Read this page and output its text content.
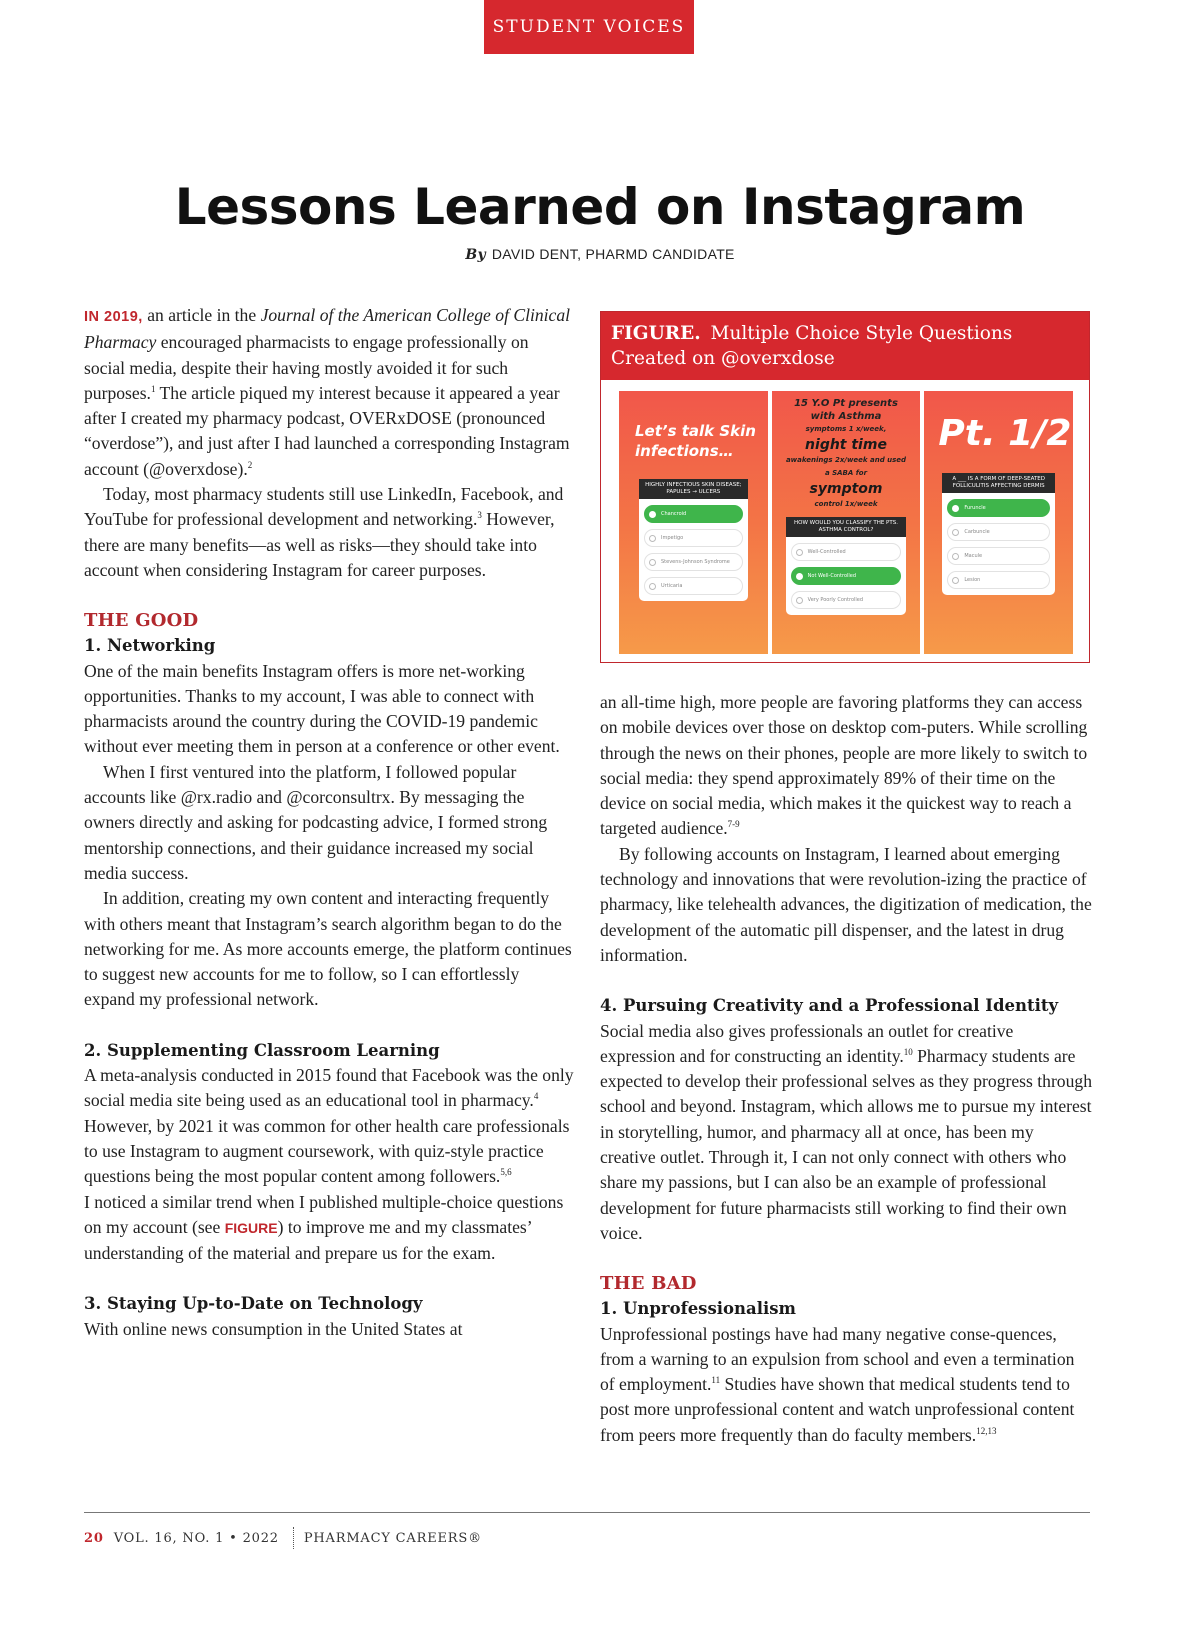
STUDENT VOICES
Lessons Learned on Instagram
By DAVID DENT, PHARMD CANDIDATE

IN 2019, an article in the Journal of the American College of Clinical Pharmacy encouraged pharmacists to engage professionally on social media, despite their having mostly avoided it for such purposes.$^1$ The article piqued my interest because it appeared a year after I created my pharmacy podcast, OVERxDOSE (pronounced “overdose”), and just after I had launched a corresponding Instagram account (@overxdose).$^2$

Today, most pharmacy students still use LinkedIn, Facebook, and YouTube for professional development and networking.$^3$ However, there are many benefits—as well as risks—they should take into account when considering Instagram for career purposes.

THE GOOD
1. Networking

One of the main benefits Instagram offers is more net-working opportunities. Thanks to my account, I was able to connect with pharmacists around the country during the COVID-19 pandemic without ever meeting them in person at a conference or other event.

When I first ventured into the platform, I followed popular accounts like @rx.radio and @corconsultrx. By messaging the owners directly and asking for podcasting advice, I formed strong mentorship connections, and their guidance increased my social media success.

In addition, creating my own content and interacting frequently with others meant that Instagram’s search algorithm began to do the networking for me. As more accounts emerge, the platform continues to suggest new accounts for me to follow, so I can effortlessly expand my professional network.

2. Supplementing Classroom Learning

A meta-analysis conducted in 2015 found that Facebook was the only social media site being used as an educational tool in pharmacy.$^4$ However, by 2021 it was common for other health care professionals to use Instagram to augment coursework, with quiz-style practice questions being the most popular content among followers.$^{5,6}$

I noticed a similar trend when I published multiple-choice questions on my account (see FIGURE) to improve me and my classmates’ understanding of the material and prepare us for the exam.

3. Staying Up-to-Date on Technology

With online news consumption in the United States at

FIGURE. Multiple Choice Style Questions Created on @overxdose
Let’s talk Skin infections…
HIGHLY INFECTIOUS SKIN DISEASE; PAPULES → ULCERS
Chancroid
Impetigo
Stevens-Johnson Syndrome
Urticaria
15 Y.O Pt presents
with Asthma
symptoms 1 x/week,
night time
awakenings 2x/week and used a SABA for
symptom
control 1x/week
HOW WOULD YOU CLASSIFY THE PTS. ASTHMA CONTROL?
Well-Controlled
Not Well-Controlled
Very Poorly Controlled
Pt. 1/2
A ___ IS A FORM OF DEEP-SEATED FOLLICULITIS AFFECTING DERMIS
Furuncle
Carbuncle
Macule
Lesion

an all-time high, more people are favoring platforms they can access on mobile devices over those on desktop com-puters. While scrolling through the news on their phones, people are more likely to switch to social media: they spend approximately 89% of their time on the device on social media, which makes it the quickest way to reach a targeted audience.$^{7-9}$

By following accounts on Instagram, I learned about emerging technology and innovations that were revolution-izing the practice of pharmacy, like telehealth advances, the digitization of medication, the development of the automatic pill dispenser, and the latest in drug information.

4. Pursuing Creativity and a Professional Identity

Social media also gives professionals an outlet for creative expression and for constructing an identity.$^{10}$ Pharmacy students are expected to develop their professional selves as they progress through school and beyond. Instagram, which allows me to pursue my interest in storytelling, humor, and pharmacy all at once, has been my creative outlet. Through it, I can not only connect with others who share my passions, but I can also be an example of professional development for future pharmacists still working to find their own voice.

THE BAD
1. Unprofessionalism

Unprofessional postings have had many negative conse-quences, from a warning to an expulsion from school and even a termination of employment.$^{11}$ Studies have shown that medical students tend to post more unprofessional content and watch unprofessional content from peers more frequently than do faculty members.$^{12,13}$

20 VOL. 16, NO. 1 • 2022 PHARMACY CAREERS®
